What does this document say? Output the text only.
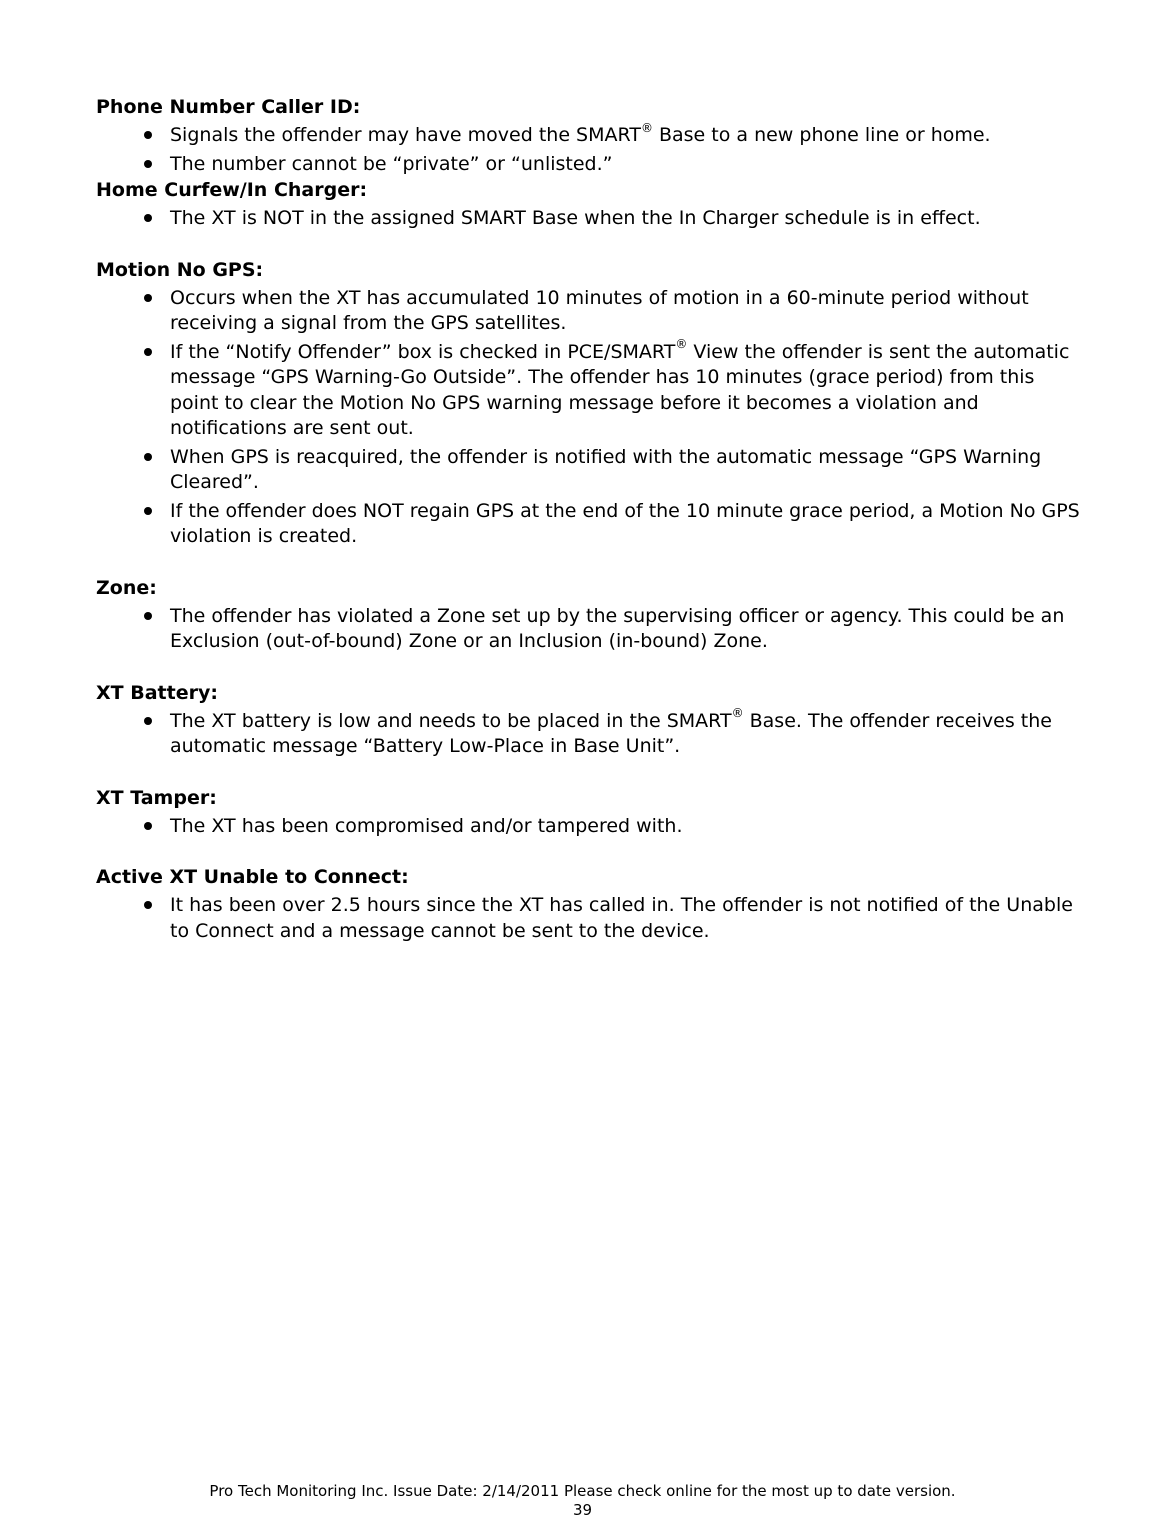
Phone Number Caller ID:

Signals the offender may have moved the SMART® Base to a new phone line or home.
The number cannot be “private” or “unlisted.”

Home Curfew/In Charger:

The XT is NOT in the assigned SMART Base when the In Charger schedule is in effect.

Motion No GPS:

Occurs when the XT has accumulated 10 minutes of motion in a 60-minute period without receiving a signal from the GPS satellites.
If the “Notify Offender” box is checked in PCE/SMART® View the offender is sent the automatic message “GPS Warning-Go Outside”. The offender has 10 minutes (grace period) from this point to clear the Motion No GPS warning message before it becomes a violation and notifications are sent out.
When GPS is reacquired, the offender is notified with the automatic message “GPS Warning Cleared”.
If the offender does NOT regain GPS at the end of the 10 minute grace period, a Motion No GPS violation is created.

Zone:

The offender has violated a Zone set up by the supervising officer or agency. This could be an Exclusion (out-of-bound) Zone or an Inclusion (in-bound) Zone.

XT Battery:

The XT battery is low and needs to be placed in the SMART® Base. The offender receives the automatic message “Battery Low-Place in Base Unit”.

XT Tamper:

The XT has been compromised and/or tampered with.

Active XT Unable to Connect:

It has been over 2.5 hours since the XT has called in. The offender is not notified of the Unable to Connect and a message cannot be sent to the device.
Pro Tech Monitoring Inc. Issue Date: 2/14/2011 Please check online for the most up to date version.
39
